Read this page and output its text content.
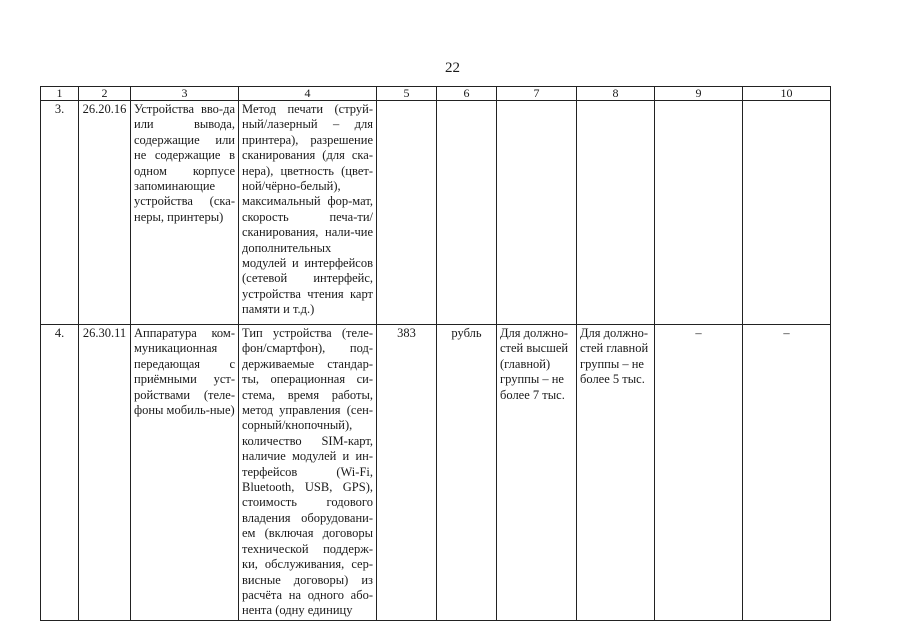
22
1	2	3	4	5	6	7	8	9	10
3.	26.20.16	Устройства вво-да или вывода, содержащие или не содержащие в одном корпусе запоминающие устройства (ска-неры, принтеры)	Метод печати (струй-ный/лазерный – для принтера), разрешение сканирования (для ска-нера), цветность (цвет-ной/чёрно-белый), максимальный фор-мат, скорость печа-ти/сканирования, нали-чие дополнительных модулей и интерфейсов (сетевой интерфейс, устройства чтения карт памяти и т.д.)						
4.	26.30.11	Аппаратура ком-муникационная передающая с приёмными уст-ройствами (теле-фоны мобиль-ные)	Тип устройства (теле-фон/смартфон), под-держиваемые стандар-ты, операционная си-стема, время работы, метод управления (сен-сорный/кнопочный), количество SIM-карт, наличие модулей и ин-терфейсов (Wi-Fi, Bluetooth, USB, GPS), стоимость годового владения оборудовани-ем (включая договоры технической поддерж-ки, обслуживания, сер-висные договоры) из расчёта на одного або-нента (одну единицу	383	рубль	Для должно-стей высшей (главной) группы – не более 7 тыс.	Для должно-стей главной группы – не более 5 тыс.	–	–
